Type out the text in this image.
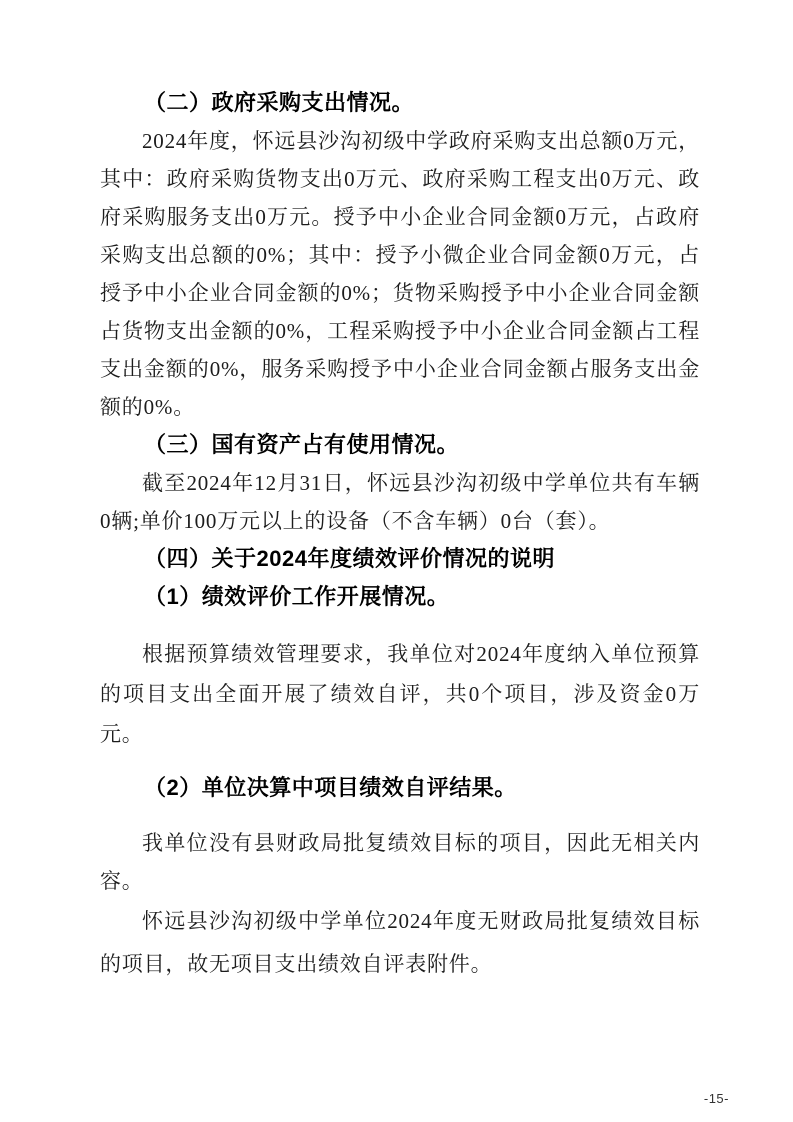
（二）政府采购支出情况。

2024年度，怀远县沙沟初级中学政府采购支出总额0万元，其中：政府采购货物支出0万元、政府采购工程支出0万元、政府采购服务支出0万元。授予中小企业合同金额0万元，占政府采购支出总额的0%；其中：授予小微企业合同金额0万元，占授予中小企业合同金额的0%；货物采购授予中小企业合同金额占货物支出金额的0%，工程采购授予中小企业合同金额占工程支出金额的0%，服务采购授予中小企业合同金额占服务支出金额的0%。

（三）国有资产占有使用情况。

截至2024年12月31日，怀远县沙沟初级中学单位共有车辆0辆;单价100万元以上的设备（不含车辆）0台（套）。

（四）关于2024年度绩效评价情况的说明
（1）绩效评价工作开展情况。

根据预算绩效管理要求，我单位对2024年度纳入单位预算的项目支出全面开展了绩效自评，共0个项目，涉及资金0万元。

（2）单位决算中项目绩效自评结果。

我单位没有县财政局批复绩效目标的项目，因此无相关内容。

怀远县沙沟初级中学单位2024年度无财政局批复绩效目标的项目，故无项目支出绩效自评表附件。

-15-
